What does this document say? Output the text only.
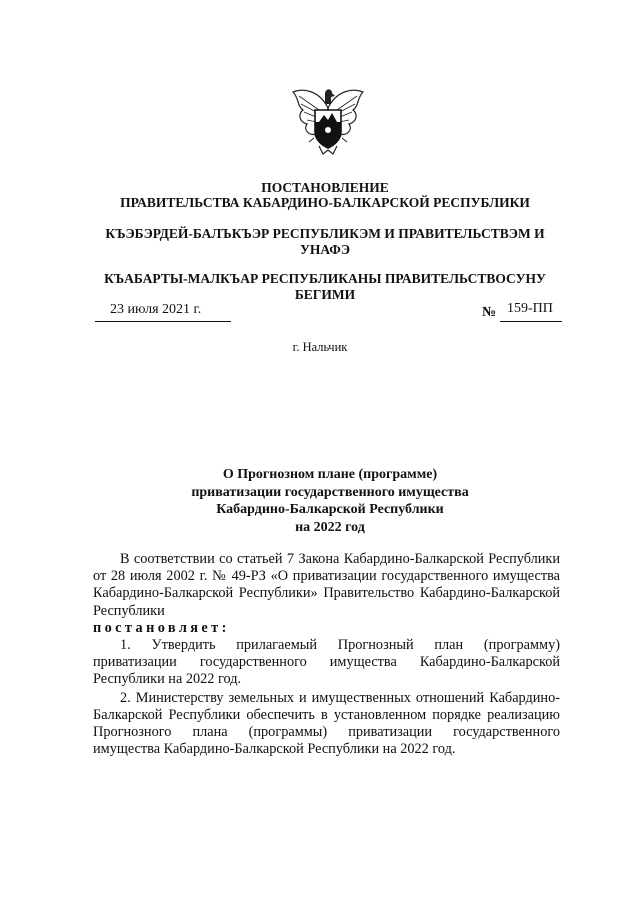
ПОСТАНОВЛЕНИЕ
ПРАВИТЕЛЬСТВА КАБАРДИНО-БАЛКАРСКОЙ РЕСПУБЛИКИ
КЪЭБЭРДЕЙ-БАЛЪКЪЭР РЕСПУБЛИКЭМ И ПРАВИТЕЛЬСТВЭМ И
УНАФЭ
КЪАБАРТЫ-МАЛКЪАР РЕСПУБЛИКАНЫ ПРАВИТЕЛЬСТВОСУНУ
БЕГИМИ
23 июля 2021 г.	№ 159-ПП
г. Нальчик
О Прогнозном плане (программе)
приватизации государственного имущества
Кабардино-Балкарской Республики
на 2022 год

В соответствии со статьей 7 Закона Кабардино-Балкарской Республики от 28 июля 2002 г. № 49-РЗ «О приватизации государственного имущества Кабардино-Балкарской Республики» Правительство Кабардино-Балкарской Республики

постановляет:

1. Утвердить прилагаемый Прогнозный план (программу) приватизации государственного имущества Кабардино-Балкарской Республики на 2022 год.

2. Министерству земельных и имущественных отношений Кабардино-Балкарской Республики обеспечить в установленном порядке реализацию Прогнозного плана (программы) приватизации государственного имущества Кабардино-Балкарской Республики на 2022 год.
